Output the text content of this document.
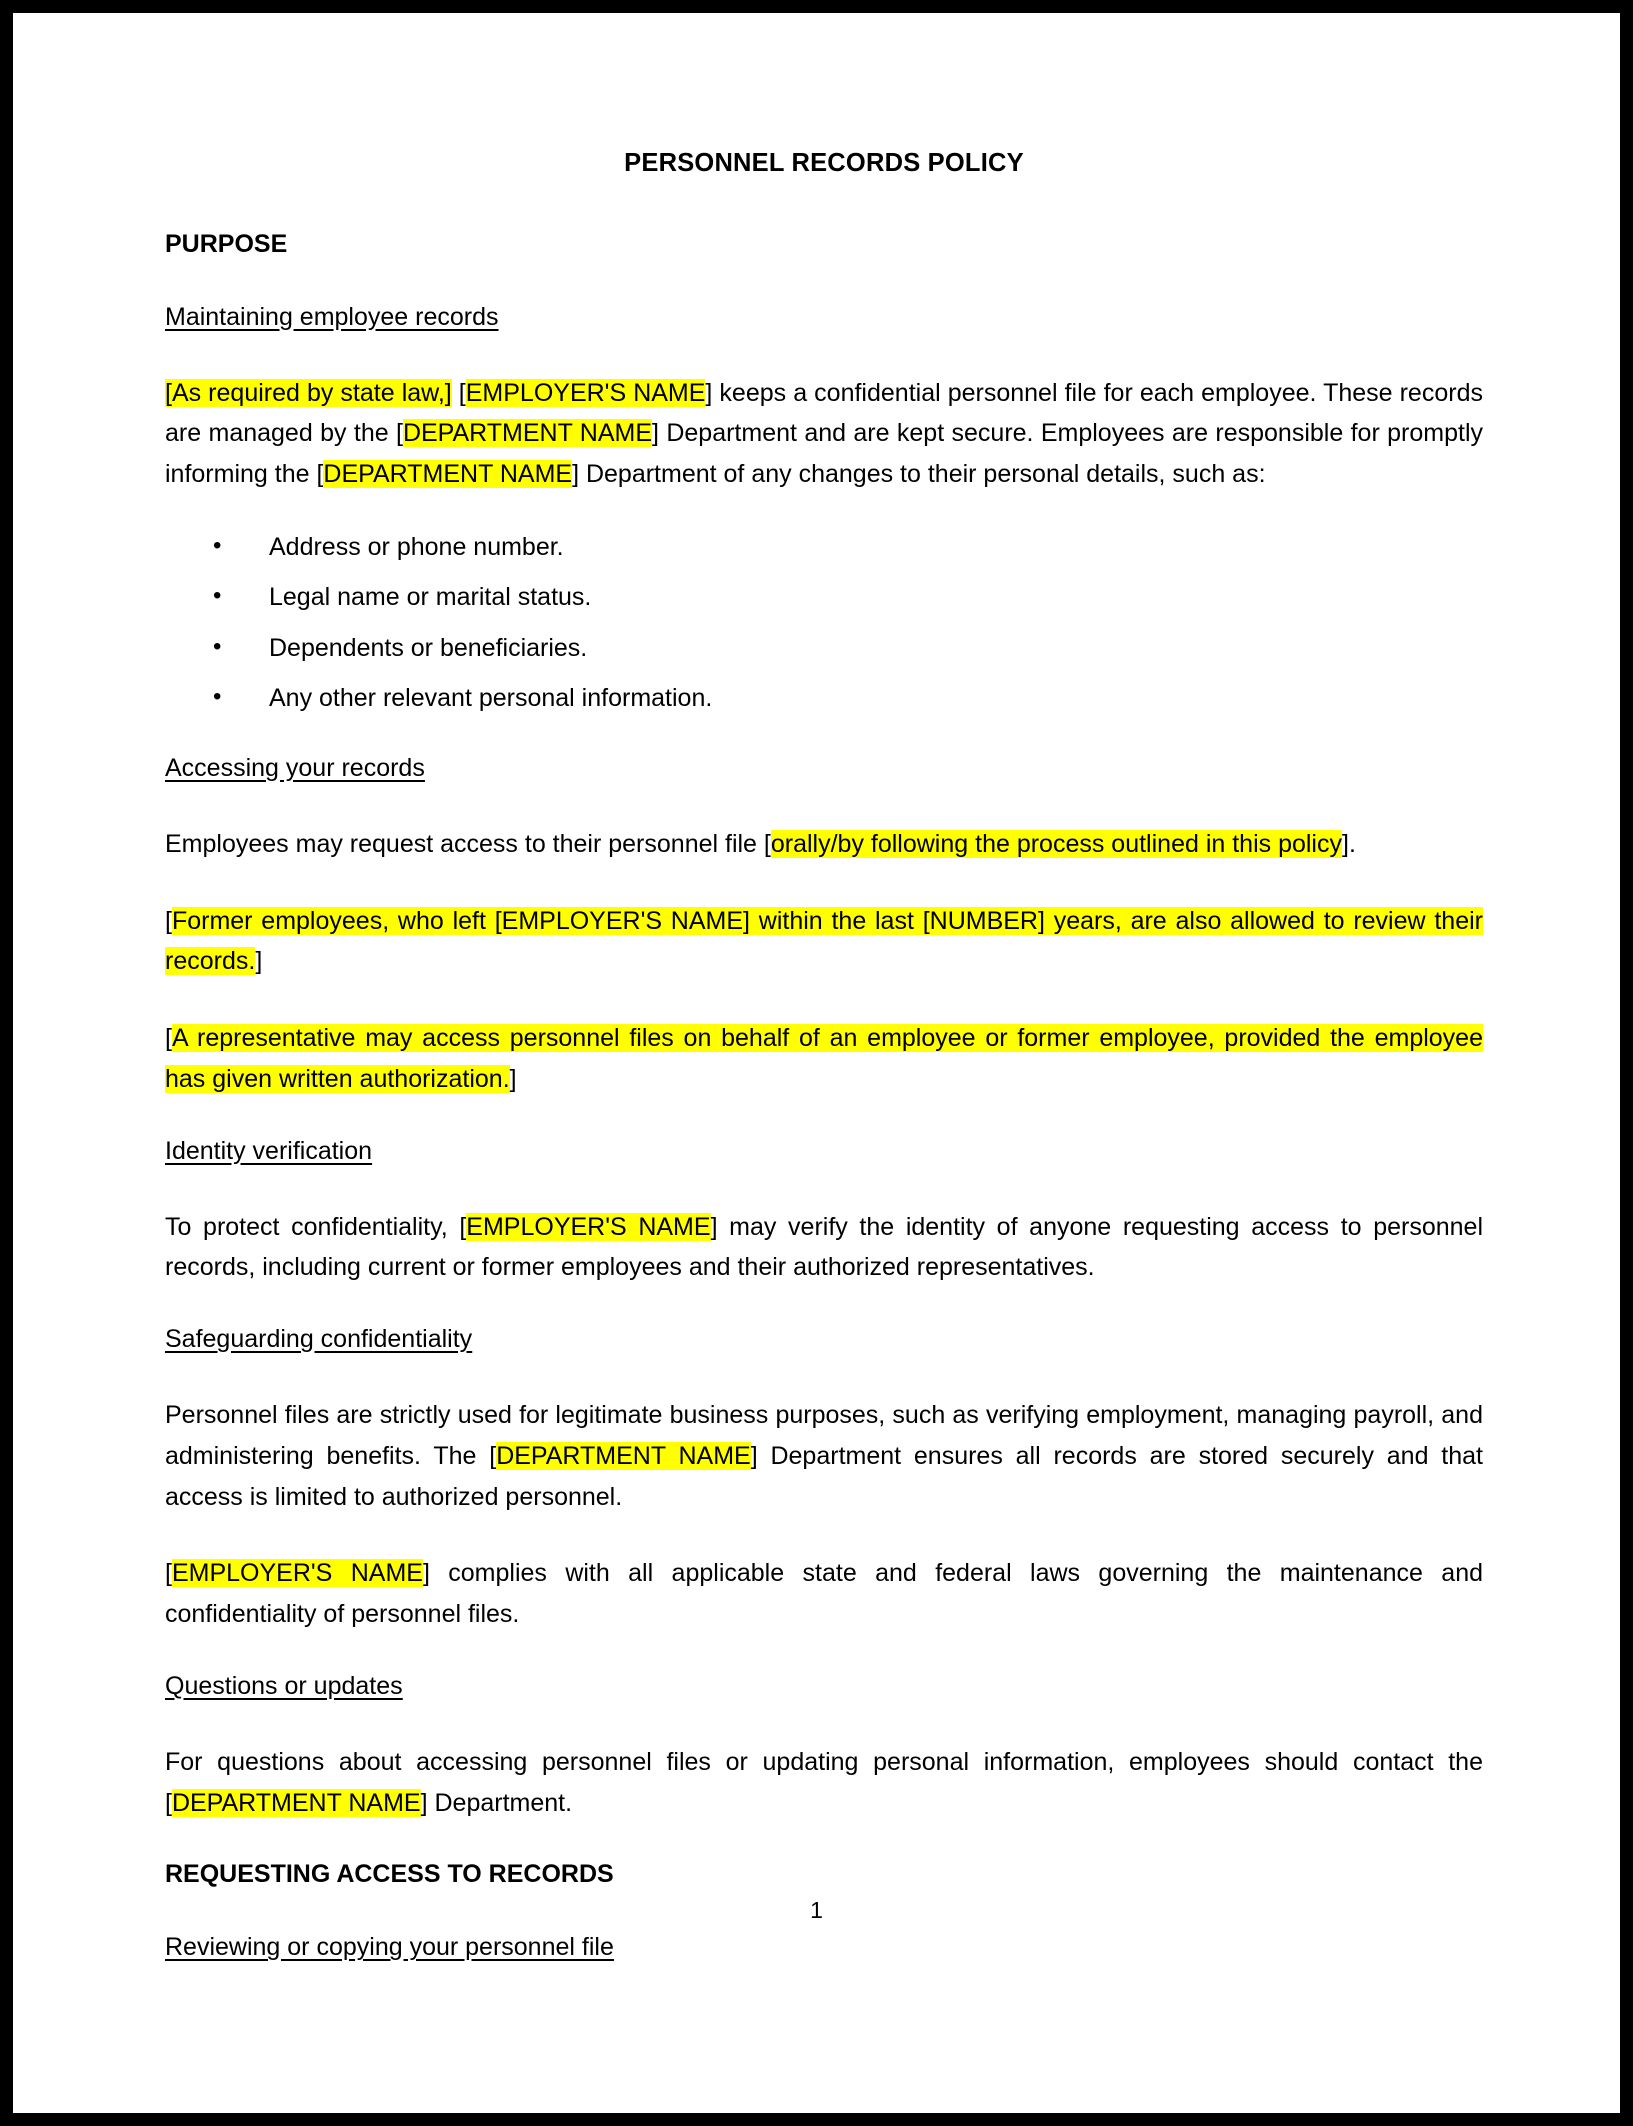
PERSONNEL RECORDS POLICY
PURPOSE
Maintaining employee records

[As required by state law,] [EMPLOYER'S NAME] keeps a confidential personnel file for each employee. These records are managed by the [DEPARTMENT NAME] Department and are kept secure. Employees are responsible for promptly informing the [DEPARTMENT NAME] Department of any changes to their personal details, such as:

• Address or phone number.
• Legal name or marital status.
• Dependents or beneficiaries.
• Any other relevant personal information.
Accessing your records

Employees may request access to their personnel file [orally/by following the process outlined in this policy].

[Former employees, who left [EMPLOYER'S NAME] within the last [NUMBER] years, are also allowed to review their records.]

[A representative may access personnel files on behalf of an employee or former employee, provided the employee has given written authorization.]

Identity verification

To protect confidentiality, [EMPLOYER'S NAME] may verify the identity of anyone requesting access to personnel records, including current or former employees and their authorized representatives.

Safeguarding confidentiality

Personnel files are strictly used for legitimate business purposes, such as verifying employment, managing payroll, and administering benefits. The [DEPARTMENT NAME] Department ensures all records are stored securely and that access is limited to authorized personnel.

[EMPLOYER'S NAME] complies with all applicable state and federal laws governing the maintenance and confidentiality of personnel files.

Questions or updates

For questions about accessing personnel files or updating personal information, employees should contact the [DEPARTMENT NAME] Department.

REQUESTING ACCESS TO RECORDS
Reviewing or copying your personnel file
1
